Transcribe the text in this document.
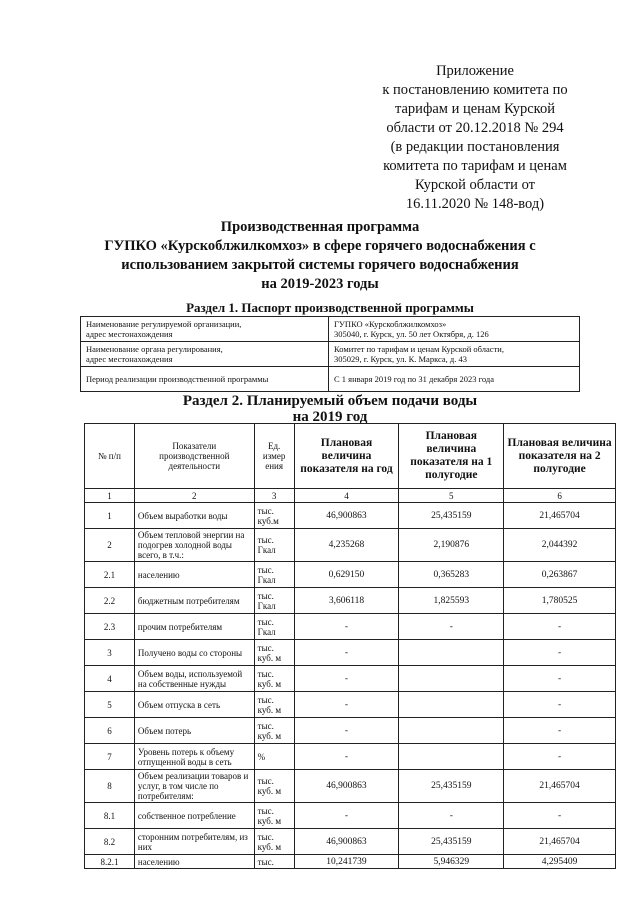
Приложение
к постановлению комитета по
тарифам и ценам Курской
области от 20.12.2018 № 294
(в редакции постановления
комитета по тарифам и ценам
Курской области от
16.11.2020 № 148-вод)
Производственная программа
ГУПКО «Курскоблжилкомхоз» в сфере горячего водоснабжения с
использованием закрытой системы горячего водоснабжения
на 2019-2023 годы
Раздел 1. Паспорт производственной программы
Наименование регулируемой организации,
адрес местонахождения	ГУПКО «Курскоблжилкомхоз»
305040, г. Курск, ул. 50 лет Октября, д. 126
Наименование органа регулирования,
адрес местонахождения	Комитет по тарифам и ценам Курской области,
305029, г. Курск, ул. К. Маркса, д. 43
Период реализации производственной программы	С 1 января 2019 год по 31 декабря 2023 года
Раздел 2. Планируемый объем подачи воды
на 2019 год
№ п/п	Показатели производственной деятельности	Ед. измер ения	Плановая величина показателя на год	Плановая величина показателя на 1 полугодие	Плановая величина показателя на 2 полугодие
1	2	3	4	5	6
1	Объем выработки воды	тыс. куб.м	46,900863	25,435159	21,465704
2	Объем тепловой энергии на подогрев холодной воды всего, в т.ч.:	тыс. Гкал	4,235268	2,190876	2,044392
2.1	населению	тыс. Гкал	0,629150	0,365283	0,263867
2.2	бюджетным потребителям	тыс. Гкал	3,606118	1,825593	1,780525
2.3	прочим потребителям	тыс. Гкал	-	-	-
3	Получено воды со стороны	тыс. куб. м	-		-
4	Объем воды, используемой на собственные нужды	тыс. куб. м	-		-
5	Объем отпуска в сеть	тыс. куб. м	-		-
6	Объем потерь	тыс. куб. м	-		-
7	Уровень потерь к объему отпущенной воды в сеть	%	-		-
8	Объем реализации товаров и услуг, в том числе по потребителям:	тыс. куб. м	46,900863	25,435159	21,465704
8.1	собственное потребление	тыс. куб. м	-	-	-
8.2	сторонним потребителям, из них	тыс. куб. м	46,900863	25,435159	21,465704
8.2.1	населению	тыс.	10,241739	5,946329	4,295409
